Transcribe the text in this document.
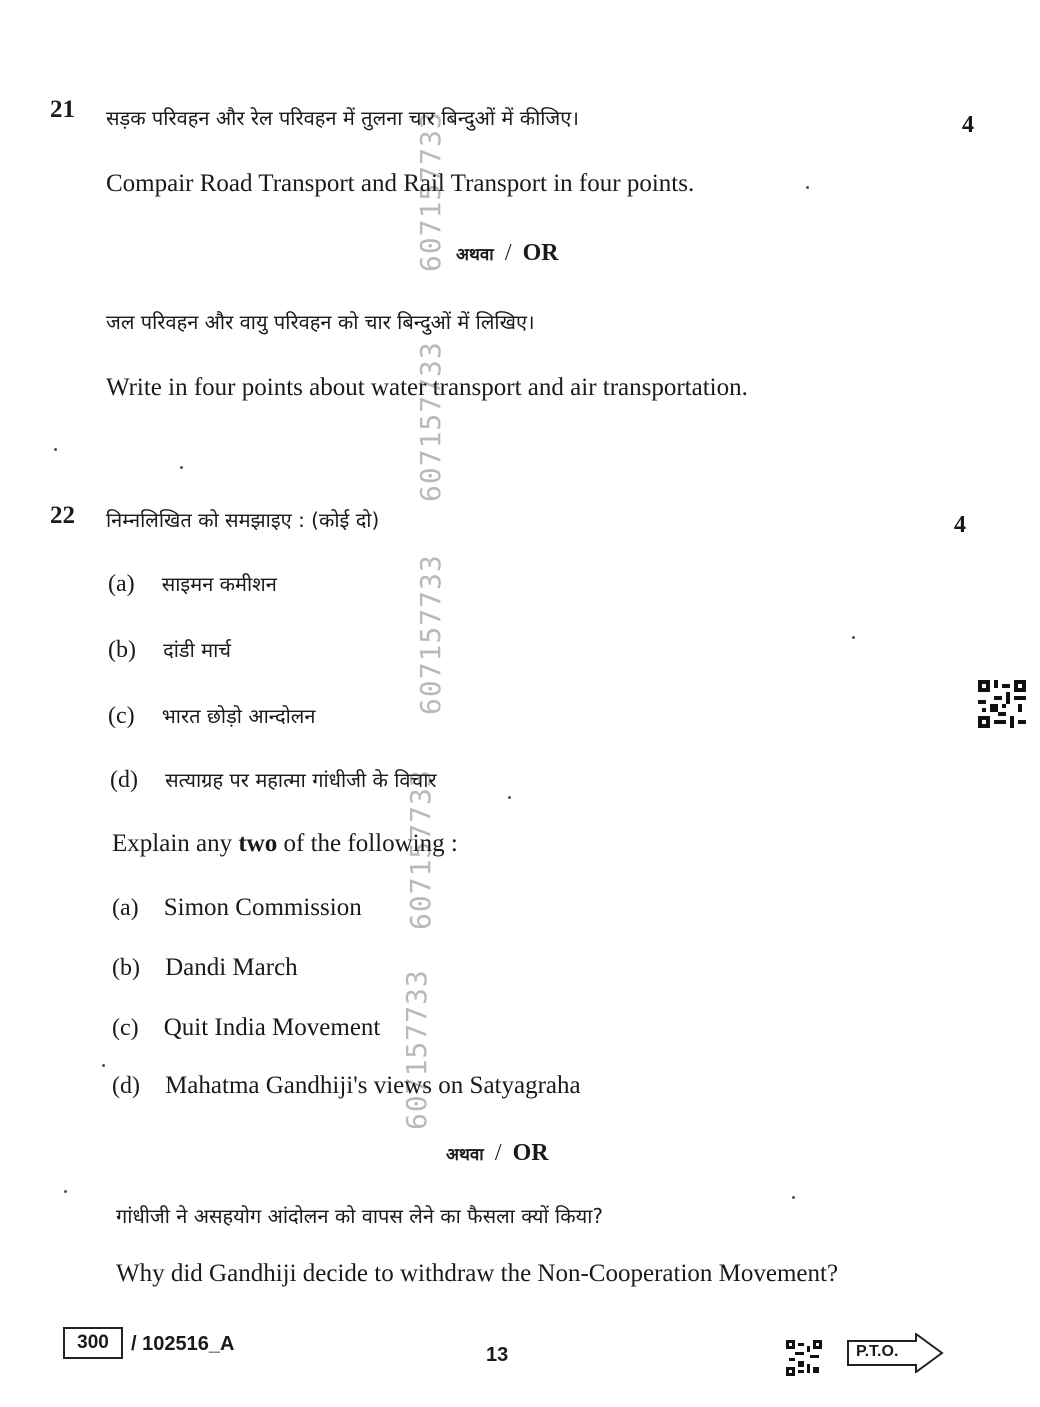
607157733
607157733
607157733
607157733
607157733
21 सड़क परिवहन और रेल परिवहन में तुलना चार बिन्दुओं में कीजिए।	4
Compair Road Transport and Rail Transport in four points.
अथवा / OR
जल परिवहन और वायु परिवहन को चार बिन्दुओं में लिखिए।
Write in four points about water transport and air transportation.
22 निम्नलिखित को समझाइए : (कोई दो)	4
(a) साइमन कमीशन
(b) दांडी मार्च
(c) भारत छोड़ो आन्दोलन
(d) सत्याग्रह पर महात्मा गांधीजी के विचार
Explain any two of the following :
(a) Simon Commission
(b) Dandi March
(c) Quit India Movement
(d) Mahatma Gandhiji's views on Satyagraha
अथवा / OR
गांधीजी ने असहयोग आंदोलन को वापस लेने का फैसला क्यों किया?
Why did Gandhiji decide to withdraw the Non-Cooperation Movement?
300 / 102516_A	13	P.T.O.
